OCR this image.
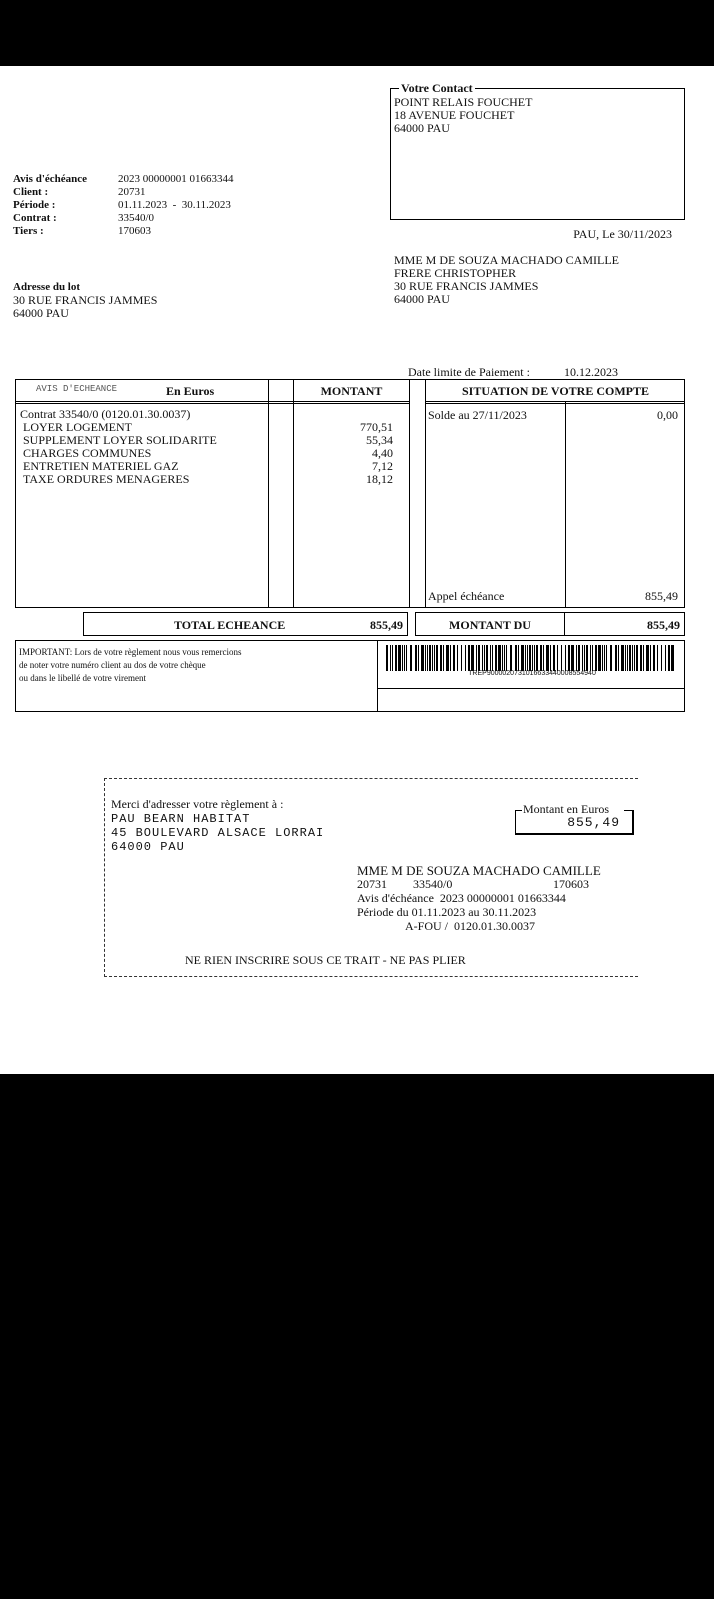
Votre Contact
POINT RELAIS FOUCHET
18 AVENUE FOUCHET
64000 PAU
Avis d'échéance	2023 00000001 01663344
Client :	20731
Période :	01.11.2023  -  30.11.2023
Contrat :	33540/0
Tiers :	170603	PAU, Le 30/11/2023
MME M DE SOUZA MACHADO CAMILLE
FRERE CHRISTOPHER
30 RUE FRANCIS JAMMES
64000 PAU
Adresse du lot
30 RUE FRANCIS JAMMES
64000 PAU
Date limite de Paiement :	10.12.2023
AVIS D'ECHEANCE	En Euros	MONTANT	SITUATION DE VOTRE COMPTE
Contrat 33540/0 (0120.01.30.0037)
LOYER LOGEMENT	770,51
SUPPLEMENT LOYER SOLIDARITE	55,34
CHARGES COMMUNES	4,40
ENTRETIEN MATERIEL GAZ	7,12
TAXE ORDURES MENAGERES	18,12
Solde au 27/11/2023	0,00
Appel échéance	855,49
TOTAL ECHEANCE	855,49	MONTANT DU	855,49
IMPORTANT: Lors de votre règlement nous vous remercions
de noter votre numéro client au dos de votre chèque
ou dans le libellé de votre virement	TREP9000020731016633440008554940
Merci d'adresser votre règlement à :
PAU BEARN HABITAT
45 BOULEVARD ALSACE LORRAI
64000 PAU
Montant en Euros
855,49
MME M DE SOUZA MACHADO CAMILLE
20731 33540/0	170603
Avis d'échéance 2023 00000001 01663344
Période du 01.11.2023 au 30.11.2023
A-FOU / 0120.01.30.0037
NE RIEN INSCRIRE SOUS CE TRAIT - NE PAS PLIER
